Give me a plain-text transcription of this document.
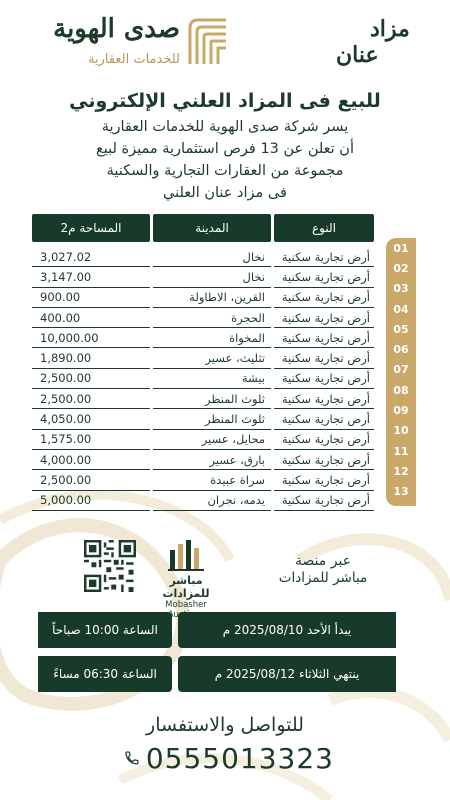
مزاد
عنان
صدى الهوية
للخدمات العقارية
للبيع فى المزاد العلني الإلكتروني
يسر شركة صدى الهوية للخدمات العقارية
أن تعلن عن 13 فرص استثمارية مميزة لبيع
مجموعة من العقارات التجارية والسكنية
فى مزاد عنان العلني
المساحة م2	المدينة	النوع
3,027.02	نخال	أرض تجارية سكنية
3,147.00	نخال	أرض تجارية سكنية
900.00	القرين، الاطاولة	أرض تجارية سكنية
400.00	الحجرة	أرض تجارية سكنية
10,000.00	المخواة	أرض تجارية سكنية
1,890.00	تثليث، عسير	أرض تجارية سكنية
2,500.00	بيشة	أرض تجارية سكنية
2,500.00	ثلوث المنظر	أرض تجارية سكنية
4,050.00	ثلوث المنظر	أرض تجارية سكنية
1,575.00	محايل، عسير	أرض تجارية سكنية
4,000.00	بارق، عسير	أرض تجارية سكنية
2,500.00	سراة عبيدة	أرض تجارية سكنية
5,000.00	يدمه، نجران	أرض تجارية سكنية
01
02
03
04
05
06
07
08
09
10
11
12
13
مباشر للمزادات
Mobasher
عبر منصة
مباشر للمزادات
يبدأ الأحد 2025/08/10 م
الساعة 10:00 صباحاً
ينتهي الثلاثاء 2025/08/12 م
الساعة 06:30 مساءً
للتواصل والاستفسار
0555013323
